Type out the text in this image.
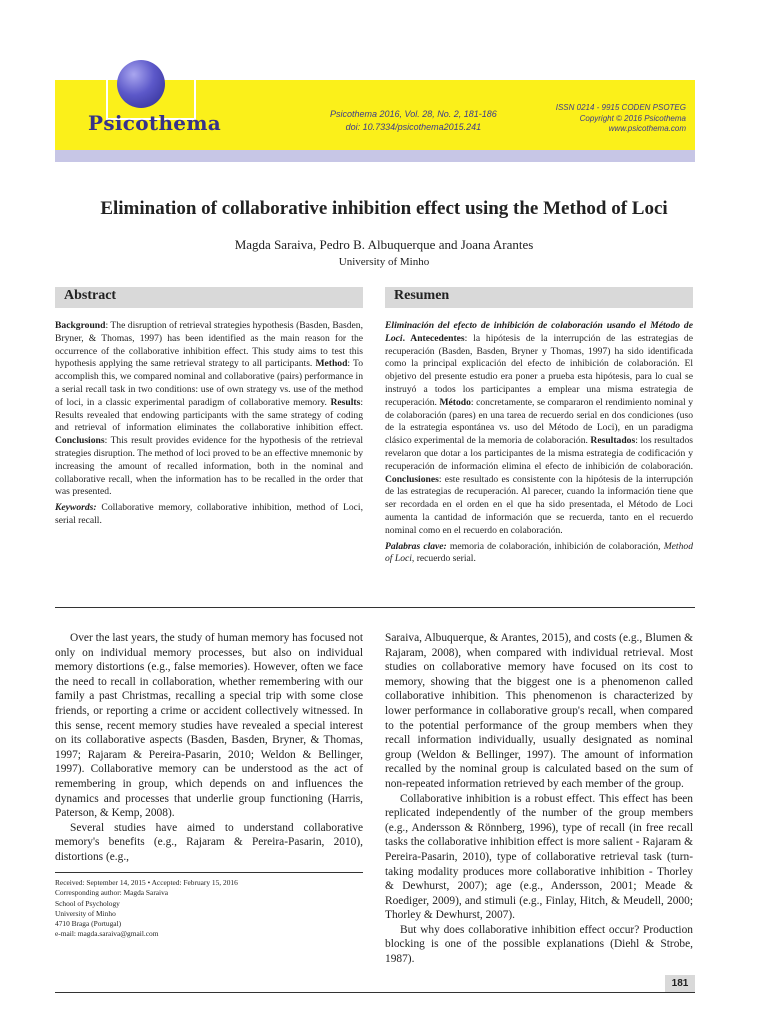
Psicothema	Psicothema 2016, Vol. 28, No. 2, 181-186
doi: 10.7334/psicothema2015.241
ISSN 0214 - 9915 CODEN PSOTEG
Copyright © 2016 Psicothema
www.psicothema.com
Elimination of collaborative inhibition effect using the Method of Loci
Magda Saraiva, Pedro B. Albuquerque and Joana Arantes
University of Minho
Abstract	Resumen
Background: The disruption of retrieval strategies hypothesis (Basden, Basden, Bryner, & Thomas, 1997) has been identified as the main reason for the occurrence of the collaborative inhibition effect. This study aims to test this hypothesis applying the same retrieval strategy to all participants. Method: To accomplish this, we compared nominal and collaborative (pairs) performance in a serial recall task in two conditions: use of own strategy vs. use of the method of loci, in a classic experimental paradigm of collaborative memory. Results: Results revealed that endowing participants with the same strategy of coding and retrieval of information eliminates the collaborative inhibition effect. Conclusions: This result provides evidence for the hypothesis of the retrieval strategies disruption. The method of loci proved to be an effective mnemonic by increasing the amount of recalled information, both in the nominal and collaborative recall, when the information has to be recalled in the order that was presented.
Keywords: Collaborative memory, collaborative inhibition, method of Loci, serial recall.
Eliminación del efecto de inhibición de colaboración usando el Método de Loci. Antecedentes: la hipótesis de la interrupción de las estrategias de recuperación (Basden, Basden, Bryner y Thomas, 1997) ha sido identificada como la principal explicación del efecto de inhibición de colaboración. El objetivo del presente estudio era poner a prueba esta hipótesis, para lo cual se instruyó a todos los participantes a emplear una misma estrategia de recuperación. Método: concretamente, se compararon el rendimiento nominal y de colaboración (pares) en una tarea de recuerdo serial en dos condiciones (uso de la estrategia espontánea vs. uso del Método de Loci), en un paradigma clásico experimental de la memoria de colaboración. Resultados: los resultados revelaron que dotar a los participantes de la misma estrategia de codificación y recuperación de información elimina el efecto de inhibición de colaboración. Conclusiones: este resultado es consistente con la hipótesis de la interrupción de las estrategias de recuperación. Al parecer, cuando la información tiene que ser recordada en el orden en el que ha sido presentada, el Método de Loci aumenta la cantidad de información que se recuerda, tanto en el recuerdo nominal como en el recuerdo en colaboración.
Palabras clave: memoria de colaboración, inhibición de colaboración, Method of Loci, recuerdo serial.

Over the last years, the study of human memory has focused not only on individual memory processes, but also on individual memory distortions (e.g., false memories). However, often we face the need to recall in collaboration, whether remembering with our family a past Christmas, recalling a special trip with some close friends, or reporting a crime or accident collectively witnessed. In this sense, recent memory studies have revealed a special interest on its collaborative aspects (Basden, Basden, Bryner, & Thomas, 1997; Rajaram & Pereira-Pasarin, 2010; Weldon & Bellinger, 1997). Collaborative memory can be understood as the act of remembering in group, which depends on and influences the dynamics and processes that underlie group functioning (Harris, Paterson, & Kemp, 2008).

Several studies have aimed to understand collaborative memory's benefits (e.g., Rajaram & Pereira-Pasarin, 2010), distortions (e.g.,

Saraiva, Albuquerque, & Arantes, 2015), and costs (e.g., Blumen & Rajaram, 2008), when compared with individual retrieval. Most studies on collaborative memory have focused on its cost to memory, showing that the biggest one is a phenomenon called collaborative inhibition. This phenomenon is characterized by lower performance in collaborative group's recall, when compared to the potential performance of the group members when they recall information individually, usually designated as nominal group (Weldon & Bellinger, 1997). The amount of information recalled by the nominal group is calculated based on the sum of non-repeated information retrieved by each member of the group.

Collaborative inhibition is a robust effect. This effect has been replicated independently of the number of the group members (e.g., Andersson & Rönnberg, 1996), type of recall (in free recall tasks the collaborative inhibition effect is more salient - Rajaram & Pereira-Pasarin, 2010), type of collaborative retrieval task (turn-taking modality produces more collaborative inhibition - Thorley & Dewhurst, 2007); age (e.g., Andersson, 2001; Meade & Roediger, 2009), and stimuli (e.g., Finlay, Hitch, & Meudell, 2000; Thorley & Dewhurst, 2007).

But why does collaborative inhibition effect occur? Production blocking is one of the possible explanations (Diehl & Strobe, 1987).

Received: September 14, 2015 • Accepted: February 15, 2016
Corresponding author: Magda Saraiva
School of Psychology
University of Minho
4710 Braga (Portugal)
e-mail: magda.saraiva@gmail.com
181
